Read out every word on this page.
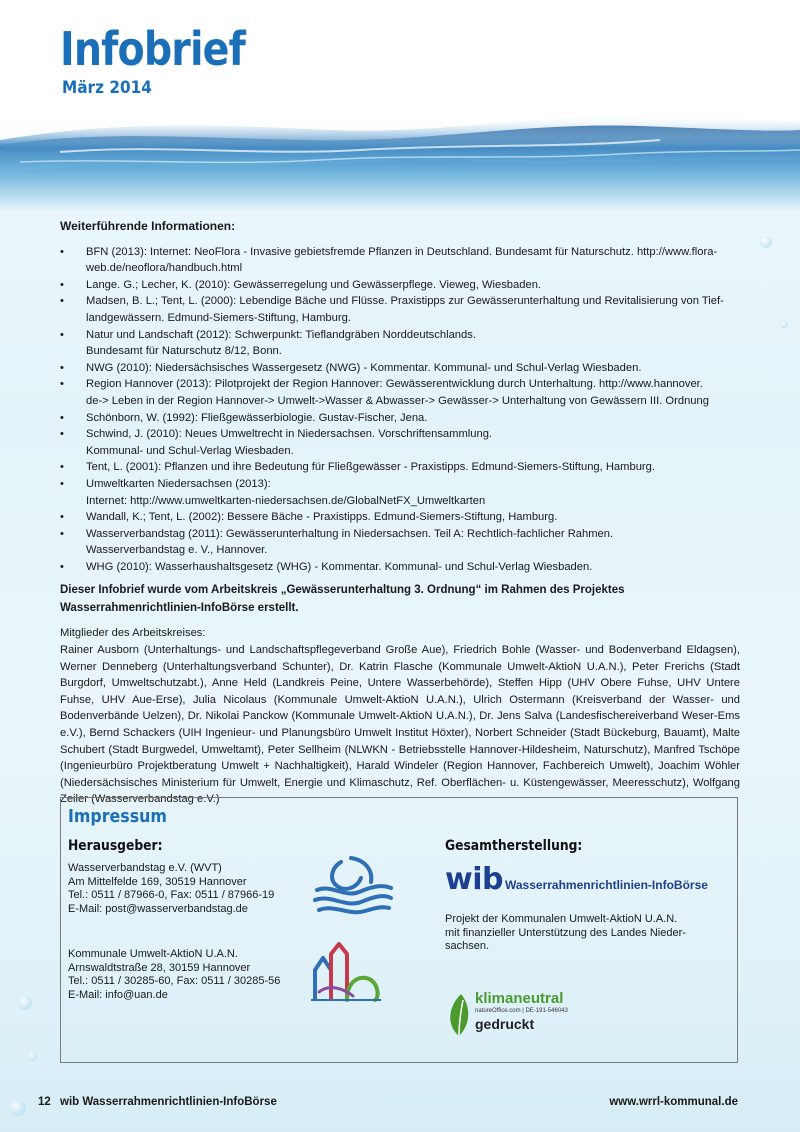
Infobrief
März 2014
Weiterführende Informationen:
• BFN (2013): Internet: NeoFlora - Invasive gebietsfremde Pflanzen in Deutschland. Bundesamt für Naturschutz. http://www.flora-
web.de/neoflora/handbuch.html
• Lange. G.; Lecher, K. (2010): Gewässerregelung und Gewässerpflege. Vieweg, Wiesbaden.
• Madsen, B. L.; Tent, L. (2000): Lebendige Bäche und Flüsse. Praxistipps zur Gewässerunterhaltung und Revitalisierung von Tief-
landgewässern. Edmund-Siemers-Stiftung, Hamburg.
• Natur und Landschaft (2012): Schwerpunkt: Tieflandgräben Norddeutschlands.
Bundesamt für Naturschutz 8/12, Bonn.
• NWG (2010): Niedersächsisches Wassergesetz (NWG) - Kommentar. Kommunal- und Schul-Verlag Wiesbaden.
• Region Hannover (2013): Pilotprojekt der Region Hannover: Gewässerentwicklung durch Unterhaltung. http://www.hannover.
de-> Leben in der Region Hannover-> Umwelt->Wasser & Abwasser-> Gewässer-> Unterhaltung von Gewässern III. Ordnung
• Schönborn, W. (1992): Fließgewässerbiologie. Gustav-Fischer, Jena.
• Schwind, J. (2010): Neues Umweltrecht in Niedersachsen. Vorschriftensammlung.
Kommunal- und Schul-Verlag Wiesbaden.
• Tent, L. (2001): Pflanzen und ihre Bedeutung für Fließgewässer - Praxistipps. Edmund-Siemers-Stiftung, Hamburg.
• Umweltkarten Niedersachsen (2013):
Internet: http://www.umweltkarten-niedersachsen.de/GlobalNetFX_Umweltkarten
• Wandall, K.; Tent, L. (2002): Bessere Bäche - Praxistipps. Edmund-Siemers-Stiftung, Hamburg.
• Wasserverbandstag (2011): Gewässerunterhaltung in Niedersachsen. Teil A: Rechtlich-fachlicher Rahmen.
Wasserverbandstag e. V., Hannover.
• WHG (2010): Wasserhaushaltsgesetz (WHG) - Kommentar. Kommunal- und Schul-Verlag Wiesbaden.
Dieser Infobrief wurde vom Arbeitskreis „Gewässerunterhaltung 3. Ordnung“ im Rahmen des Projektes
Wasserrahmenrichtlinien-InfoBörse erstellt.
Mitglieder des Arbeitskreises:
Rainer Ausborn (Unterhaltungs- und Landschaftspflegeverband Große Aue), Friedrich Bohle (Wasser- und Bodenverband Eldagsen), Werner Denneberg (Unterhaltungsverband Schunter), Dr. Katrin Flasche (Kommunale Umwelt-AktioN U.A.N.), Peter Frerichs (Stadt Burgdorf, Umweltschutzabt.), Anne Held (Landkreis Peine, Untere Wasserbehörde), Steffen Hipp (UHV Obere Fuhse, UHV Untere Fuhse, UHV Aue-Erse), Julia Nicolaus (Kommunale Umwelt-AktioN U.A.N.), Ulrich Ostermann (Kreisverband der Wasser- und Bodenverbände Uelzen), Dr. Nikolai Panckow (Kommunale Umwelt-AktioN U.A.N.), Dr. Jens Salva (Landesfischereiverband Weser-Ems e.V.), Bernd Schackers (UIH Ingenieur- und Planungsbüro Umwelt Institut Höxter), Norbert Schneider (Stadt Bückeburg, Bauamt), Malte Schubert (Stadt Burgwedel, Umweltamt), Peter Sellheim (NLWKN - Betriebsstelle Hannover-Hildesheim, Naturschutz), Manfred Tschöpe (Ingenieurbüro Projektberatung Umwelt + Nachhaltigkeit), Harald Windeler (Region Hannover, Fachbereich Umwelt), Joachim Wöhler (Niedersächsisches Ministerium für Umwelt, Energie und Klimaschutz, Ref. Oberflächen- u. Küstengewässer, Meeresschutz), Wolfgang Zeiler (Wasserverbandstag e.V.)
Impressum
Herausgeber:
Wasserverbandstag e.V. (WVT)
Am Mittelfelde 169, 30519 Hannover
Tel.: 0511 / 87966-0, Fax: 0511 / 87966-19
E-Mail: post@wasserverbandstag.de
Kommunale Umwelt-AktioN U.A.N.
Arnswaldtstraße 28, 30159 Hannover
Tel.: 0511 / 30285-60, Fax: 0511 / 30285-56
E-Mail: info@uan.de
Gesamtherstellung:
wib Wasserrahmenrichtlinien-InfoBörse
Projekt der Kommunalen Umwelt-AktioN U.A.N.
mit finanzieller Unterstützung des Landes Nieder-
sachsen.
klimaneutral
natureOffice.com | DE-191-546043
gedruckt
12 wib Wasserrahmenrichtlinien-InfoBörse	www.wrrl-kommunal.de
